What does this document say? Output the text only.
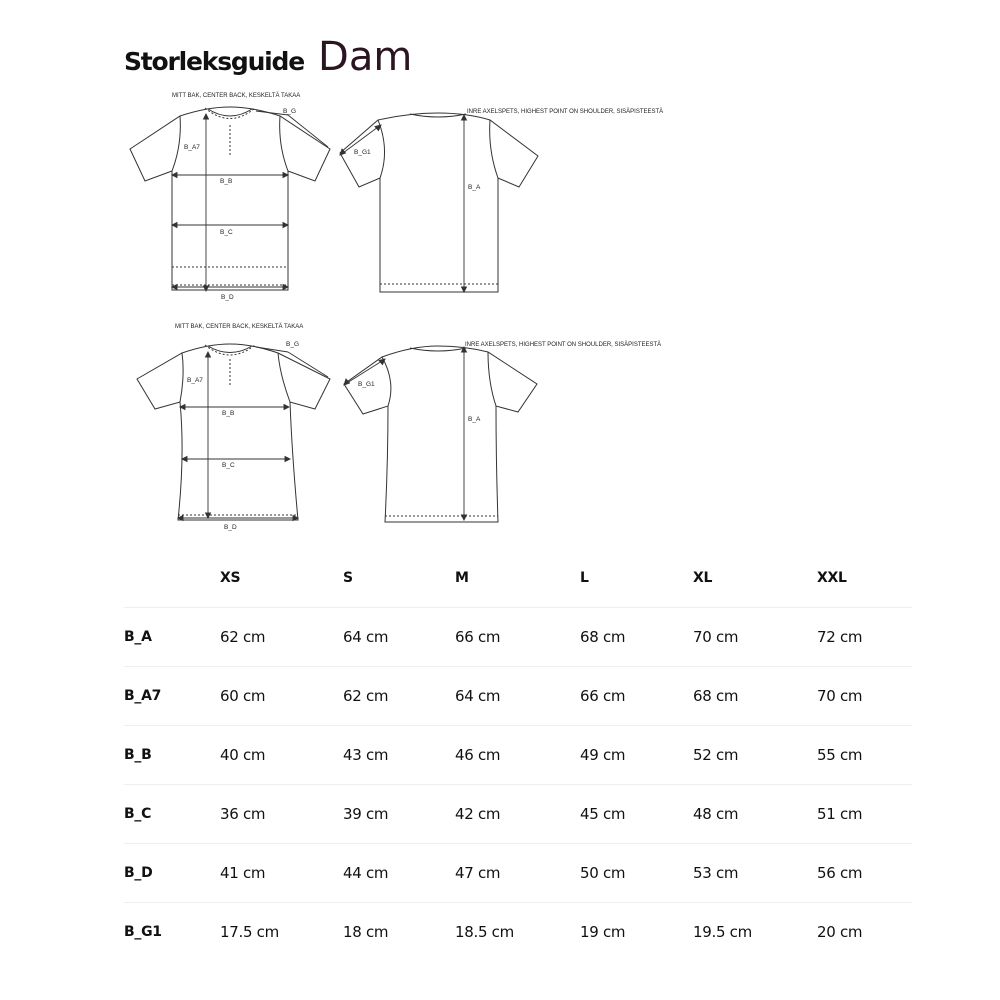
Storleksguide Dam
MITT BAK, CENTER BACK, KESKELTÄ TAKAA
B_G
B_A7
B_B
B_C
B_D
INRE AXELSPETS, HIGHEST POINT ON SHOULDER, SISÄPISTEESTÄ
B_G1
B_A
MITT BAK, CENTER BACK, KESKELTÄ TAKAA
B_G
B_A7
B_B
B_C
B_D
INRE AXELSPETS, HIGHEST POINT ON SHOULDER, SISÄPISTEESTÄ
B_G1
B_A
	XS	S	M	L	XL	XXL
B_A	62 cm	64 cm	66 cm	68 cm	70 cm	72 cm
B_A7	60 cm	62 cm	64 cm	66 cm	68 cm	70 cm
B_B	40 cm	43 cm	46 cm	49 cm	52 cm	55 cm
B_C	36 cm	39 cm	42 cm	45 cm	48 cm	51 cm
B_D	41 cm	44 cm	47 cm	50 cm	53 cm	56 cm
B_G1	17.5 cm	18 cm	18.5 cm	19 cm	19.5 cm	20 cm
